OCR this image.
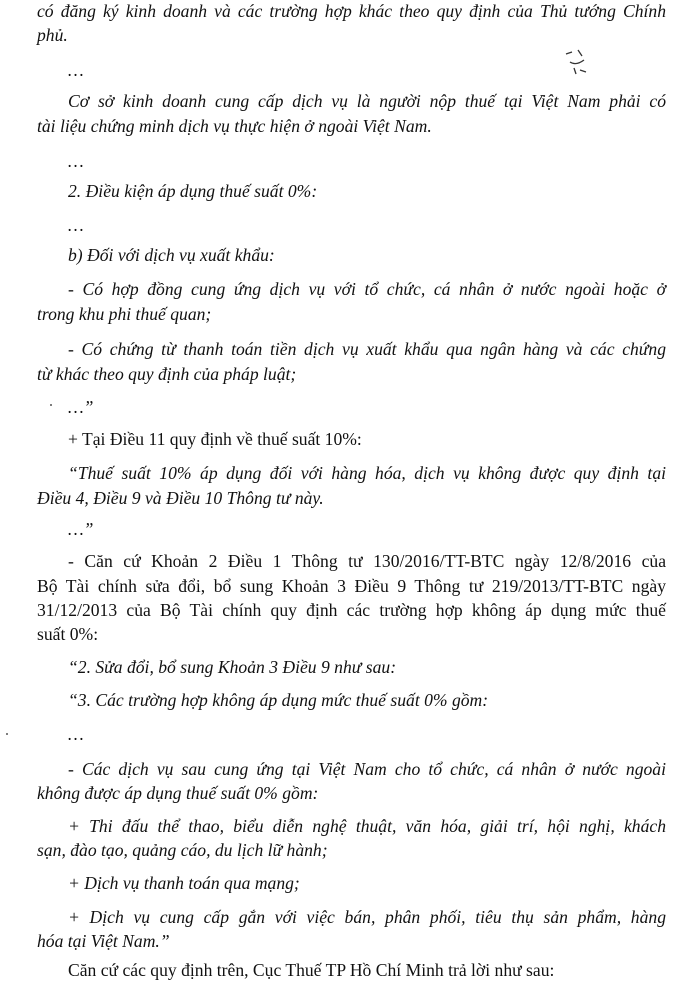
có đăng ký kinh doanh và các trường hợp khác theo quy định của Thủ tướng Chính
phủ.
…
Cơ sở kinh doanh cung cấp dịch vụ là người nộp thuế tại Việt Nam phải có
tài liệu chứng minh dịch vụ thực hiện ở ngoài Việt Nam.
…
2. Điều kiện áp dụng thuế suất 0%:
…
b) Đối với dịch vụ xuất khẩu:
- Có hợp đồng cung ứng dịch vụ với tổ chức, cá nhân ở nước ngoài hoặc ở
trong khu phi thuế quan;
- Có chứng từ thanh toán tiền dịch vụ xuất khẩu qua ngân hàng và các chứng
từ khác theo quy định của pháp luật;
…”
+ Tại Điều 11 quy định về thuế suất 10%:
“Thuế suất 10% áp dụng đối với hàng hóa, dịch vụ không được quy định tại
Điều 4, Điều 9 và Điều 10 Thông tư này.
…”
- Căn cứ Khoản 2 Điều 1 Thông tư 130/2016/TT-BTC ngày 12/8/2016 của
Bộ Tài chính sửa đổi, bổ sung Khoản 3 Điều 9 Thông tư 219/2013/TT-BTC ngày
31/12/2013 của Bộ Tài chính quy định các trường hợp không áp dụng mức thuế
suất 0%:
“2. Sửa đổi, bổ sung Khoản 3 Điều 9 như sau:
“3. Các trường hợp không áp dụng mức thuế suất 0% gồm:
…
- Các dịch vụ sau cung ứng tại Việt Nam cho tổ chức, cá nhân ở nước ngoài
không được áp dụng thuế suất 0% gồm:
+ Thi đấu thể thao, biểu diễn nghệ thuật, văn hóa, giải trí, hội nghị, khách
sạn, đào tạo, quảng cáo, du lịch lữ hành;
+ Dịch vụ thanh toán qua mạng;
+ Dịch vụ cung cấp gắn với việc bán, phân phối, tiêu thụ sản phẩm, hàng
hóa tại Việt Nam.”
Căn cứ các quy định trên, Cục Thuế TP Hồ Chí Minh trả lời như sau:
